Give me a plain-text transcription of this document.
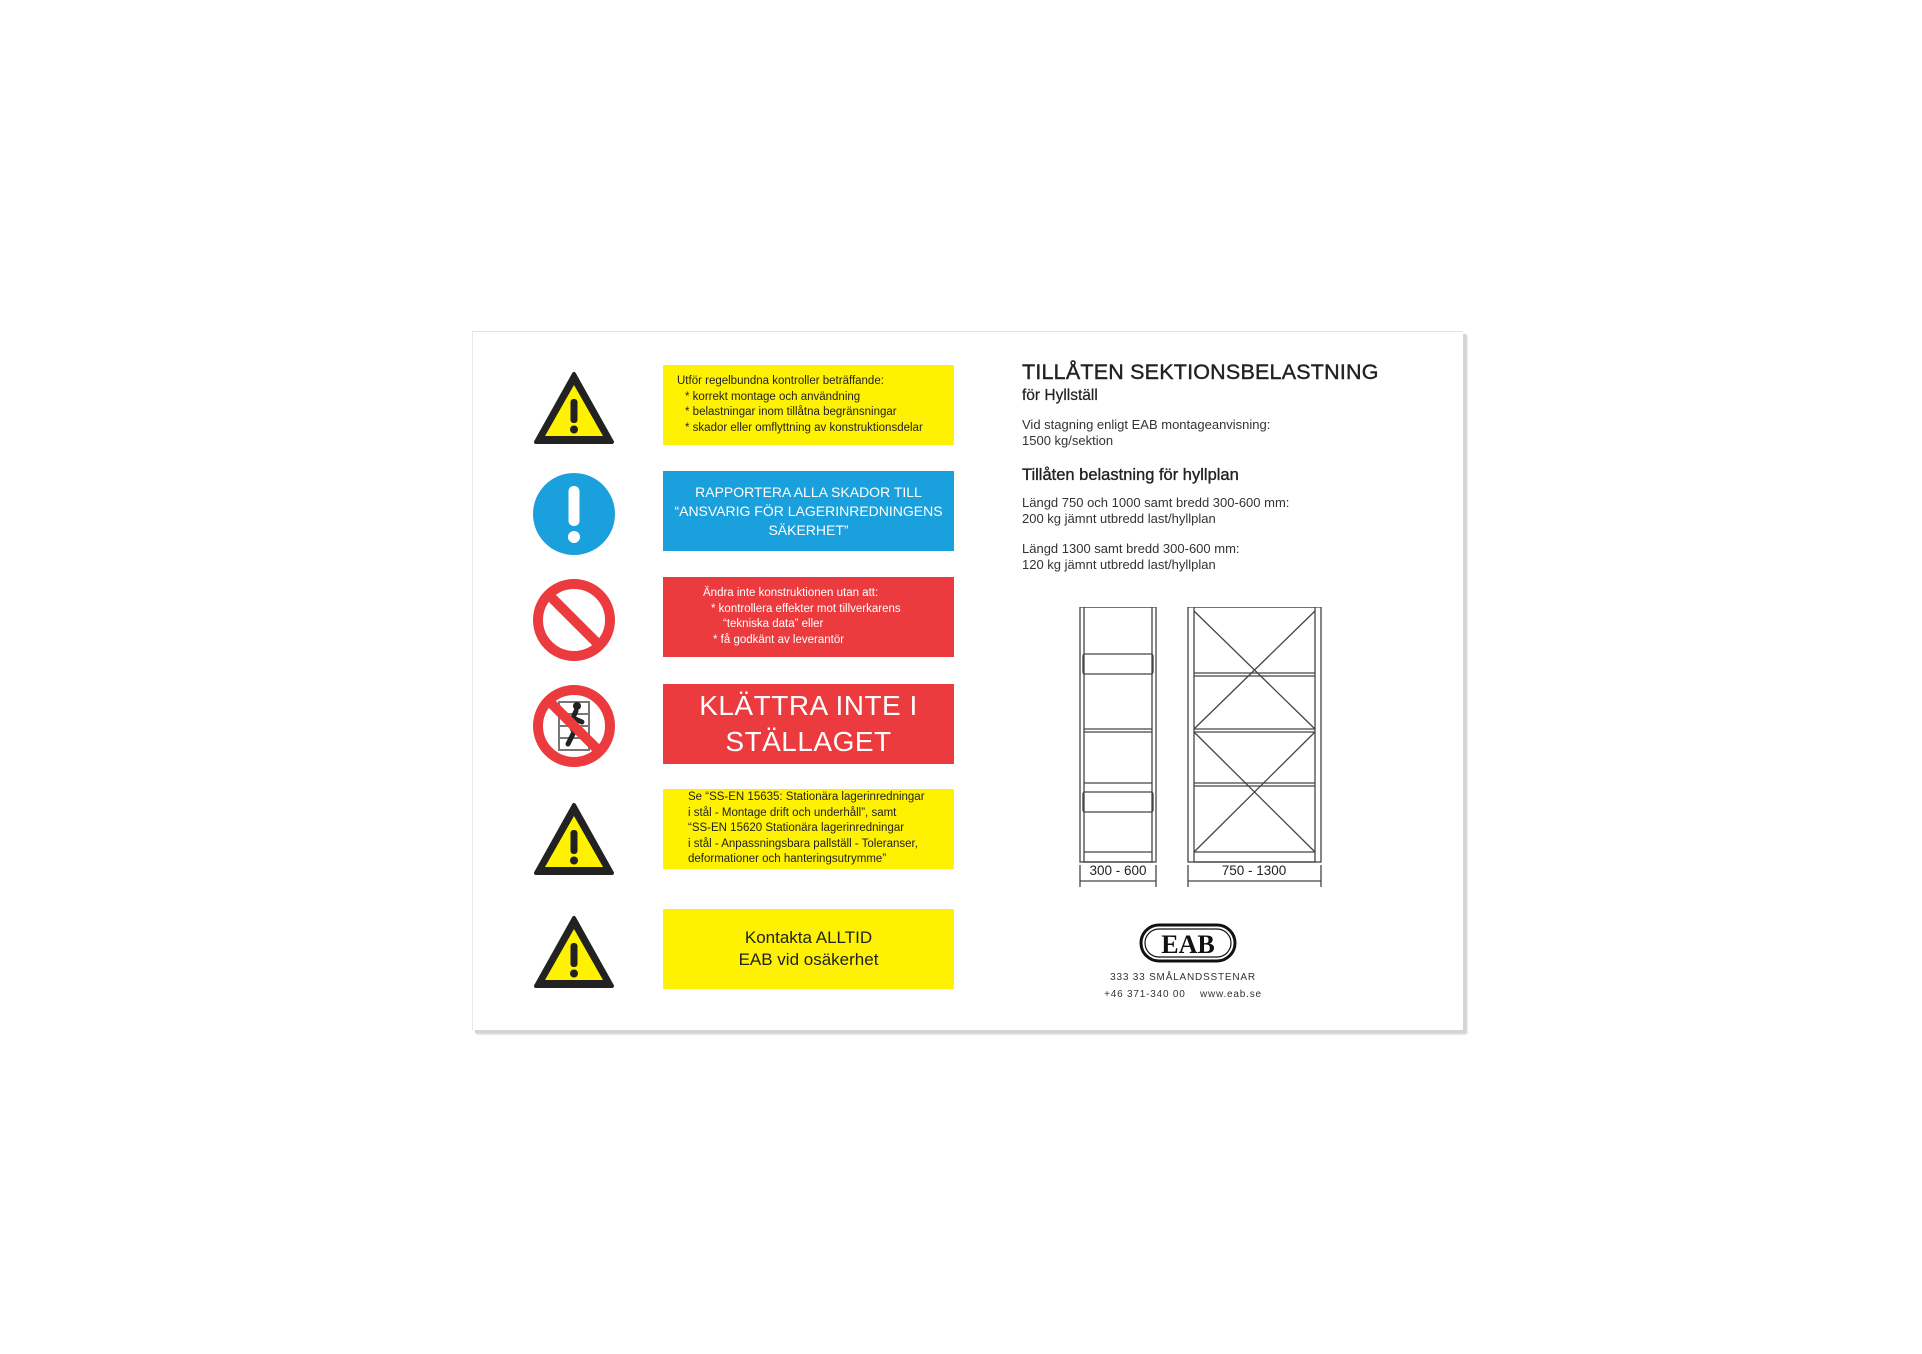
Utför regelbundna kontroller beträffande:
* korrekt montage och användning
* belastningar inom tillåtna begränsningar
* skador eller omflyttning av konstruktionsdelar
RAPPORTERA ALLA SKADOR TILL
“ANSVARIG FÖR LAGERINREDNINGENS
SÄKERHET”
Ändra inte konstruktionen utan att:
* kontrollera effekter mot tillverkarens
“tekniska data” eller
* få godkänt av leverantör
KLÄTTRA INTE I
STÄLLAGET
Se “SS-EN 15635: Stationära lagerinredningar
i stål - Montage drift och underhåll”, samt
“SS-EN 15620 Stationära lagerinredningar
i stål - Anpassningsbara pallställ - Toleranser,
deformationer och hanteringsutrymme”
Kontakta ALLTID
EAB vid osäkerhet
TILLÅTEN SEKTIONSBELASTNING
för Hyllställ
Vid stagning enligt EAB montageanvisning:
1500 kg/sektion
Tillåten belastning för hyllplan
Längd 750 och 1000 samt bredd 300-600 mm:
200 kg jämnt utbredd last/hyllplan
Längd 1300 samt bredd 300-600 mm:
120 kg jämnt utbredd last/hyllplan
300 - 600	750 - 1300
EAB
333 33 SMÅLANDSSTENAR
+46 371-340 00 www.eab.se
